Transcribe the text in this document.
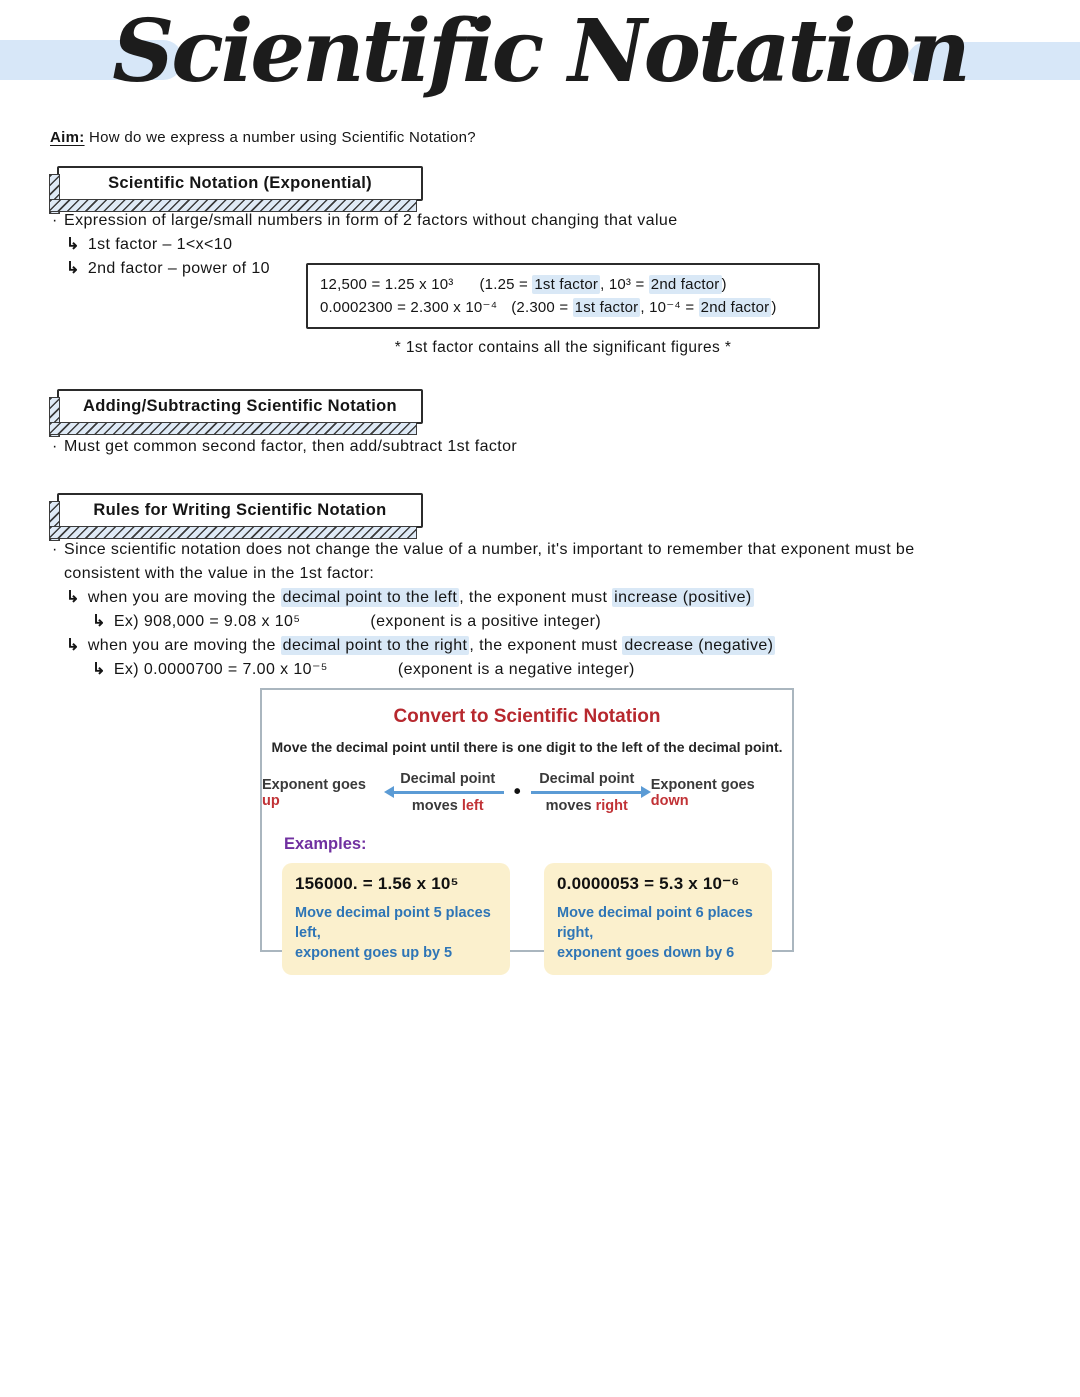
Scientific Notation

Aim: How do we express a number using Scientific Notation?

Scientific Notation (Exponential)
· Expression of large/small numbers in form of 2 factors without changing that value
↳ 1st factor – 1<x<10
↳ 2nd factor – power of 10
12,500 = 1.25 x 10³ (1.25 = 1st factor , 10³ = 2nd factor )
0.0002300 = 2.300 x 10⁻⁴ (2.300 = 1st factor , 10⁻⁴ = 2nd factor )
* 1st factor contains all the significant figures *
Adding/Subtracting Scientific Notation
· Must get common second factor, then add/subtract 1st factor
Rules for Writing Scientific Notation
· Since scientific notation does not change the value of a number, it's important to remember that exponent must be
consistent with the value in the 1st factor:
↳ when you are moving the decimal point to the left , the exponent must increase (positive)
↳ Ex) 908,000 = 9.08 x 10⁵	(exponent is a positive integer)
↳ when you are moving the decimal point to the right , the exponent must decrease (negative)
↳ Ex) 0.0000700 = 7.00 x 10⁻⁵	(exponent is a negative integer)
Convert to Scientific Notation
Move the decimal point until there is one digit to the left of the decimal point.
Exponent goes up	$\frac{\text{Decimal point}}{\text{moves left}}$ • $\frac{\text{Decimal point}}{\text{moves right}}$ Exponent goes down
Examples:
156000. = 1.56 x 10⁵
Move decimal point 5 places left,
exponent goes up by 5
0.0000053 = 5.3 x 10⁻⁶
Move decimal point 6 places right,
exponent goes down by 6
